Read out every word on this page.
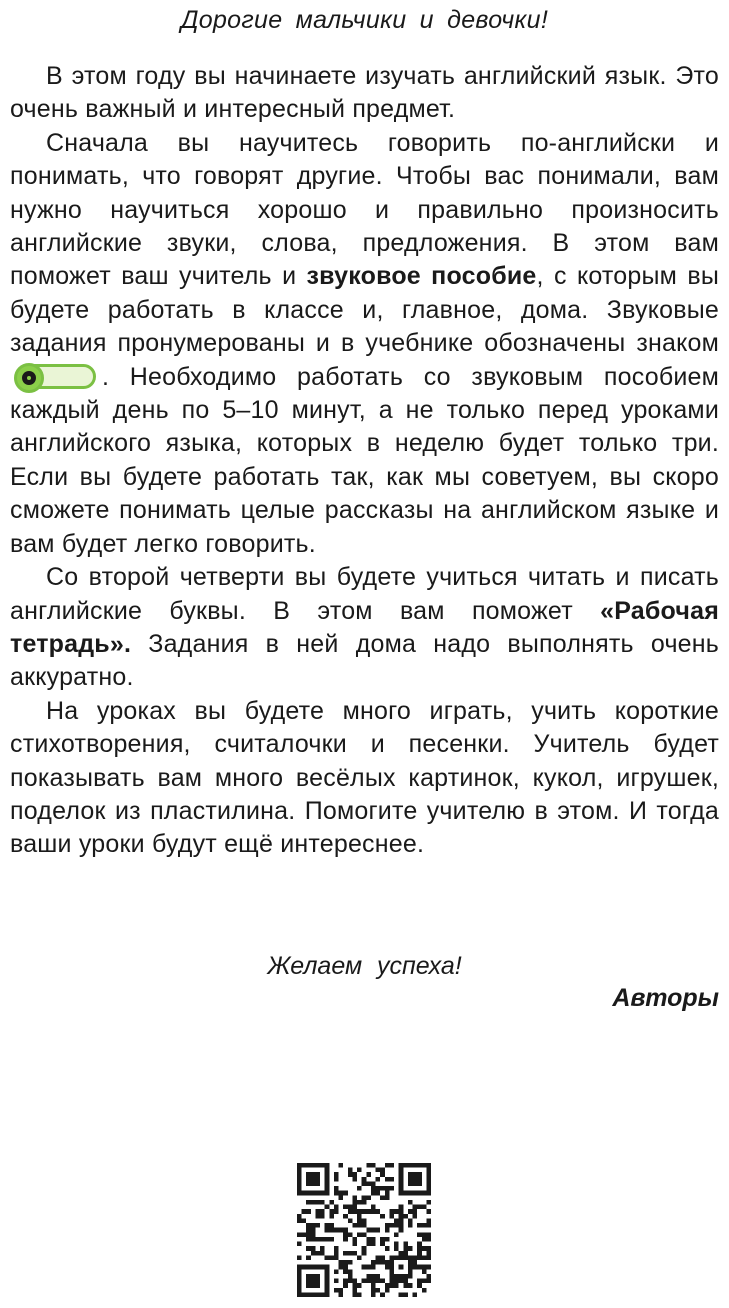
Дорогие мальчики и девочки!

В этом году вы начинаете изучать английский язык. Это очень важный и интересный предмет.

Сначала вы научитесь говорить по-английски и понимать, что говорят другие. Чтобы вас понимали, вам нужно научиться хорошо и правильно произносить английские звуки, слова, предложения. В этом вам поможет ваш учитель и звуковое пособие, с которым вы будете работать в классе и, главное, дома. Звуковые задания пронумерованы и в учебнике обозначены знаком
. Необходимо работать со звуковым пособием каждый день по 5–10 минут, а не только перед уроками английского языка, которых в неделю будет только три. Если вы будете работать так, как мы советуем, вы скоро сможете понимать целые рассказы на английском языке и вам будет легко говорить.

Со второй четверти вы будете учиться читать и писать английские буквы. В этом вам поможет «Рабочая тетрадь». Задания в ней дома надо выполнять очень аккуратно.

На уроках вы будете много играть, учить короткие стихотворения, считалочки и песенки. Учитель будет показывать вам много весёлых картинок, кукол, игрушек, поделок из пластилина. Помогите учителю в этом. И тогда ваши уроки будут ещё интереснее.

Желаем успеха!
Авторы
